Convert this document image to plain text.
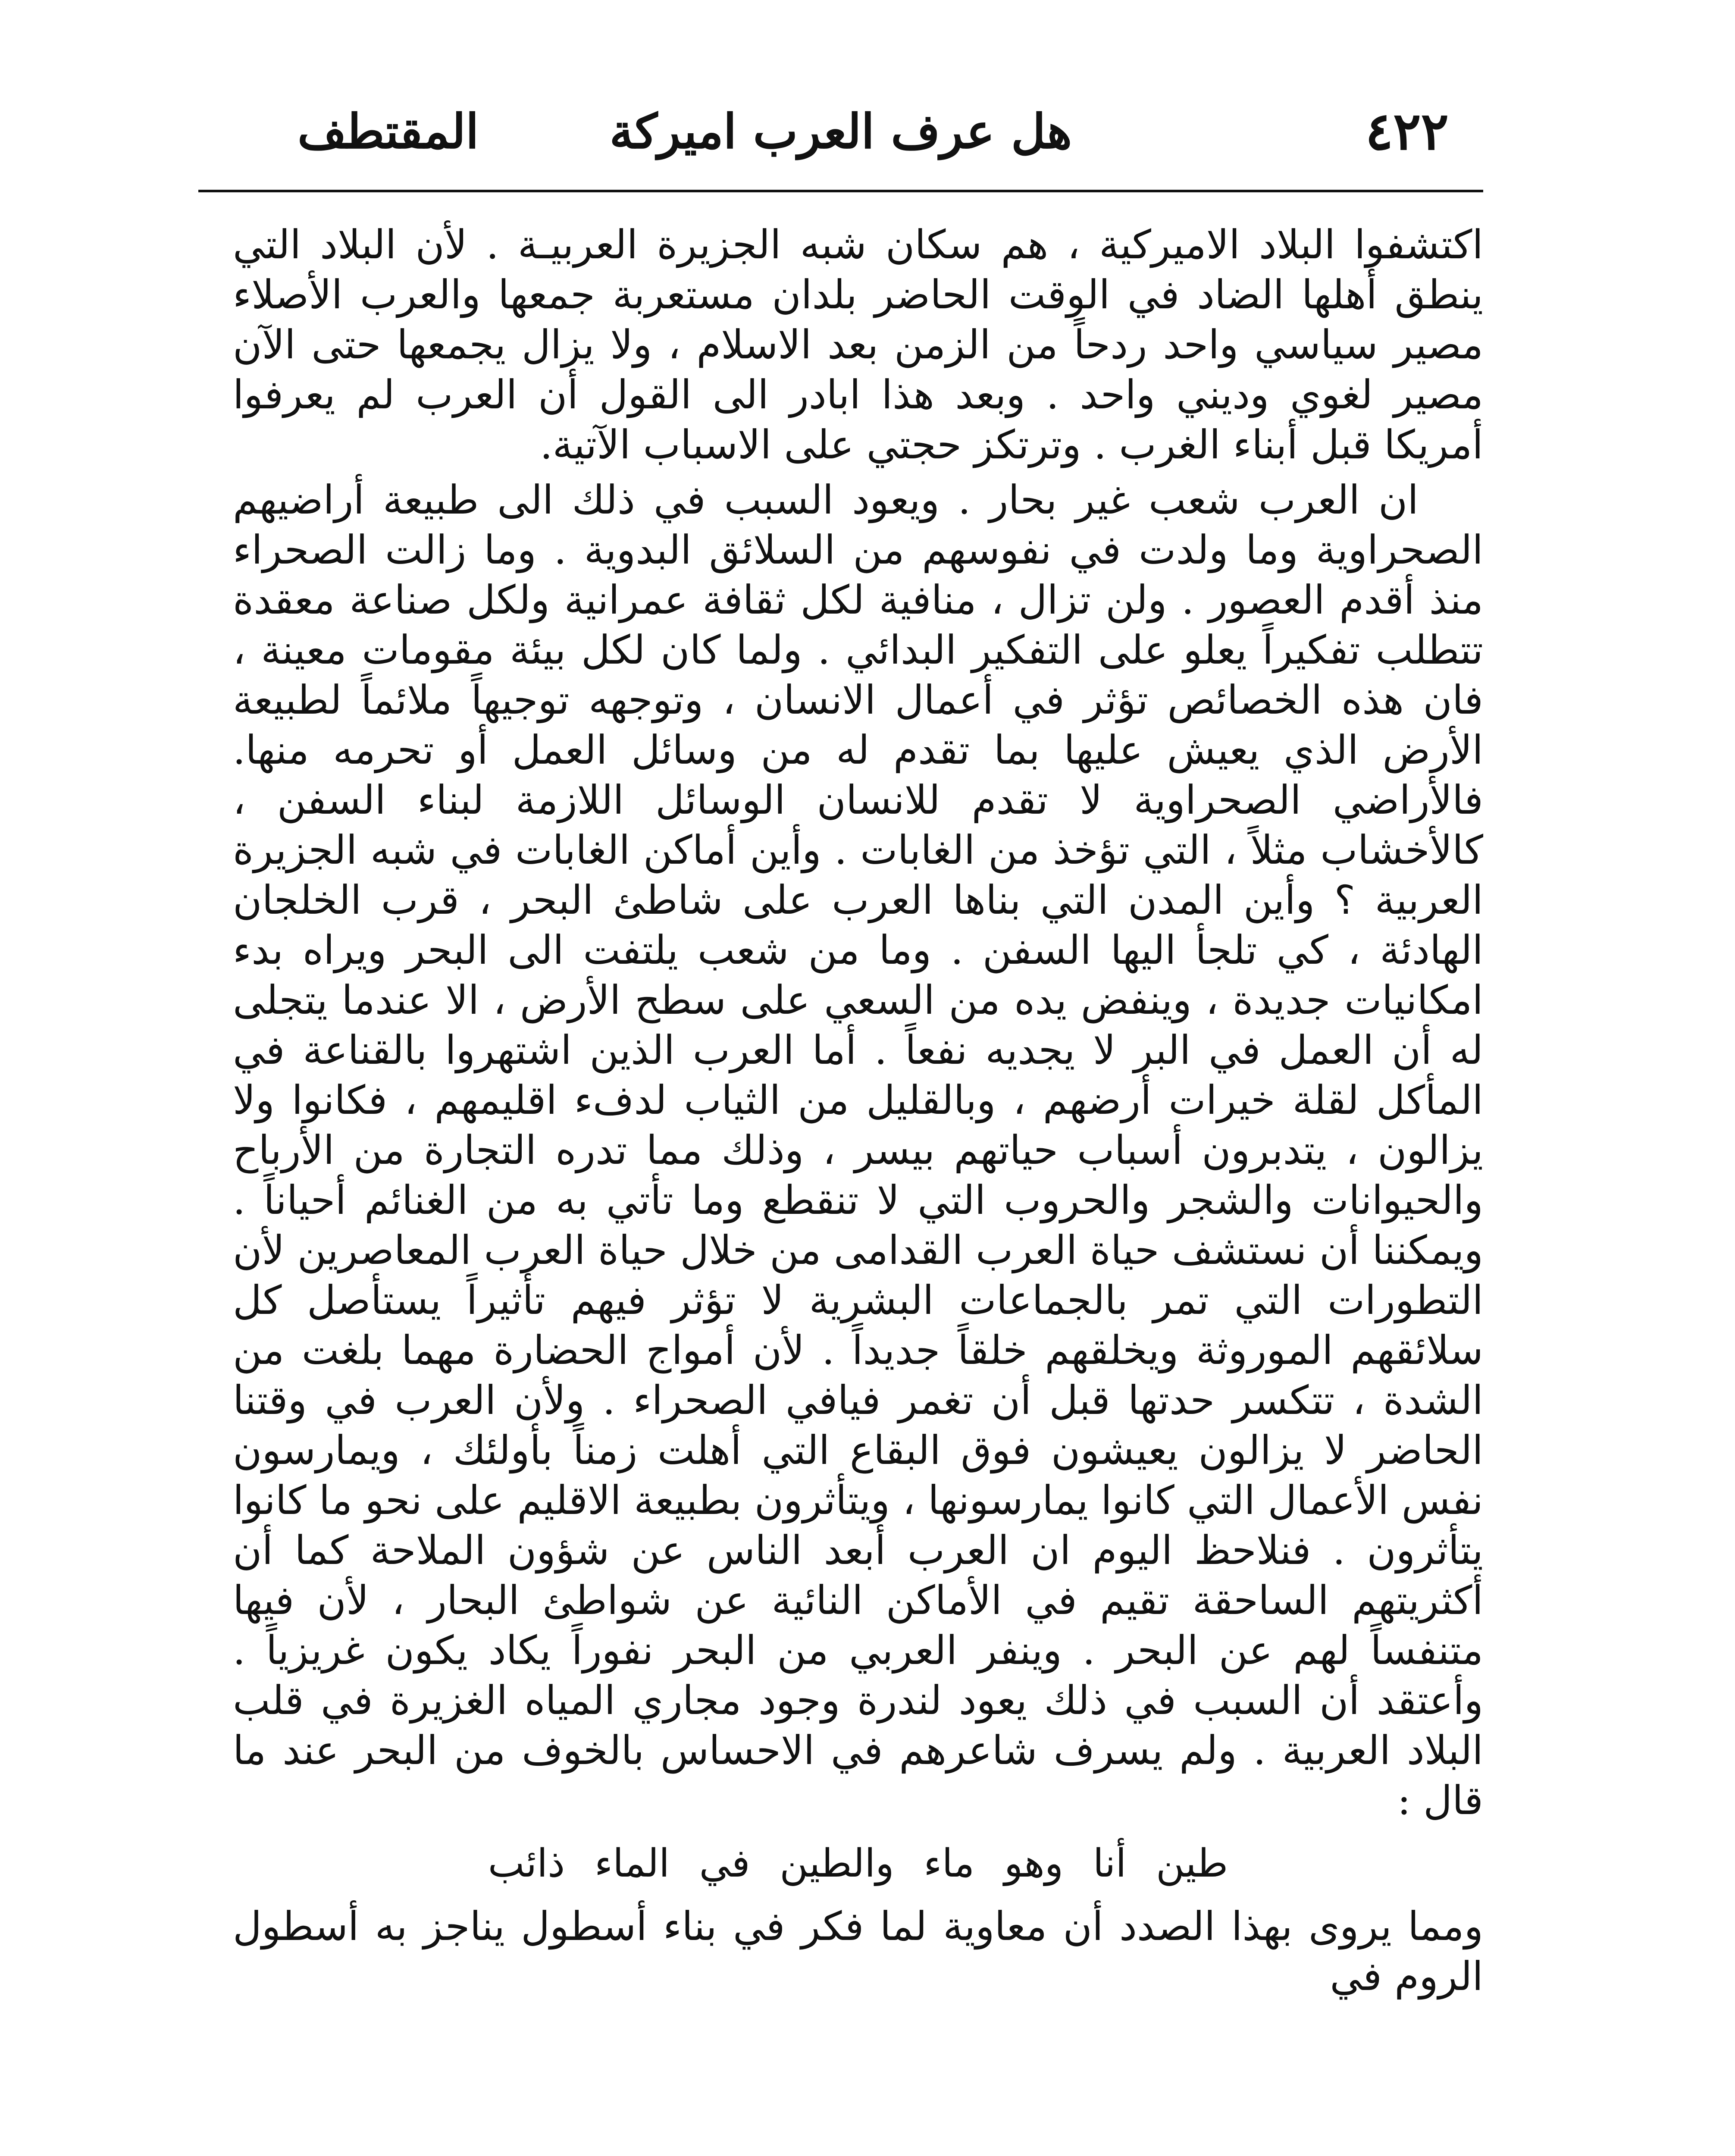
٤٢٢
هل عرف العرب اميركة
المقتطف

اكتشفوا البلاد الاميركية ، هم سكان شبه الجزيرة العربيـة . لأن البلاد التي ينطق أهلها الضاد في الوقت الحاضر بلدان مستعربة جمعها والعرب الأصلاء مصير سياسي واحد ردحاً من الزمن بعد الاسلام ، ولا يزال يجمعها حتى الآن مصير لغوي وديني واحد . وبعد هذا ابادر الى القول أن العرب لم يعرفوا أمريكا قبل أبناء الغرب . وترتكز حجتي على الاسباب الآتية.

ان العرب شعب غير بحار . ويعود السبب في ذلك الى طبيعة أراضيهم الصحراوية وما ولدت في نفوسهم من السلائق البدوية . وما زالت الصحراء منذ أقدم العصور . ولن تزال ، منافية لكل ثقافة عمرانية ولكل صناعة معقدة تتطلب تفكيراً يعلو على التفكير البدائي . ولما كان لكل بيئة مقومات معينة ، فان هذه الخصائص تؤثر في أعمال الانسان ، وتوجهه توجيهاً ملائماً لطبيعة الأرض الذي يعيش عليها بما تقدم له من وسائل العمل أو تحرمه منها. فالأراضي الصحراوية لا تقدم للانسان الوسائل اللازمة لبناء السفن ، كالأخشاب مثلاً ، التي تؤخذ من الغابات . وأين أماكن الغابات في شبه الجزيرة العربية ؟ وأين المدن التي بناها العرب على شاطئ البحر ، قرب الخلجان الهادئة ، كي تلجأ اليها السفن . وما من شعب يلتفت الى البحر ويراه بدء امكانيات جديدة ، وينفض يده من السعي على سطح الأرض ، الا عندما يتجلى له أن العمل في البر لا يجديه نفعاً . أما العرب الذين اشتهروا بالقناعة في المأكل لقلة خيرات أرضهم ، وبالقليل من الثياب لدفء اقليمهم ، فكانوا ولا يزالون ، يتدبرون أسباب حياتهم بيسر ، وذلك مما تدره التجارة من الأرباح والحيوانات والشجر والحروب التي لا تنقطع وما تأتي به من الغنائم أحياناً . ويمكننا أن نستشف حياة العرب القدامى من خلال حياة العرب المعاصرين لأن التطورات التي تمر بالجماعات البشرية لا تؤثر فيهم تأثيراً يستأصل كل سلائقهم الموروثة ويخلقهم خلقاً جديداً . لأن أمواج الحضارة مهما بلغت من الشدة ، تتكسر حدتها قبل أن تغمر فيافي الصحراء . ولأن العرب في وقتنا الحاضر لا يزالون يعيشون فوق البقاع التي أهلت زمناً بأولئك ، ويمارسون نفس الأعمال التي كانوا يمارسونها ، ويتأثرون بطبيعة الاقليم على نحو ما كانوا يتأثرون . فنلاحظ اليوم ان العرب أبعد الناس عن شؤون الملاحة كما أن أكثريتهم الساحقة تقيم في الأماكن النائية عن شواطئ البحار ، لأن فيها متنفساً لهم عن البحر . وينفر العربي من البحر نفوراً يكاد يكون غريزياً . وأعتقد أن السبب في ذلك يعود لندرة وجود مجاري المياه الغزيرة في قلب البلاد العربية . ولم يسرف شاعرهم في الاحساس بالخوف من البحر عند ما قال :

طين أنا وهو ماء والطين في الماء ذائب

ومما يروى بهذا الصدد أن معاوية لما فكر في بناء أسطول يناجز به أسطول الروم في
